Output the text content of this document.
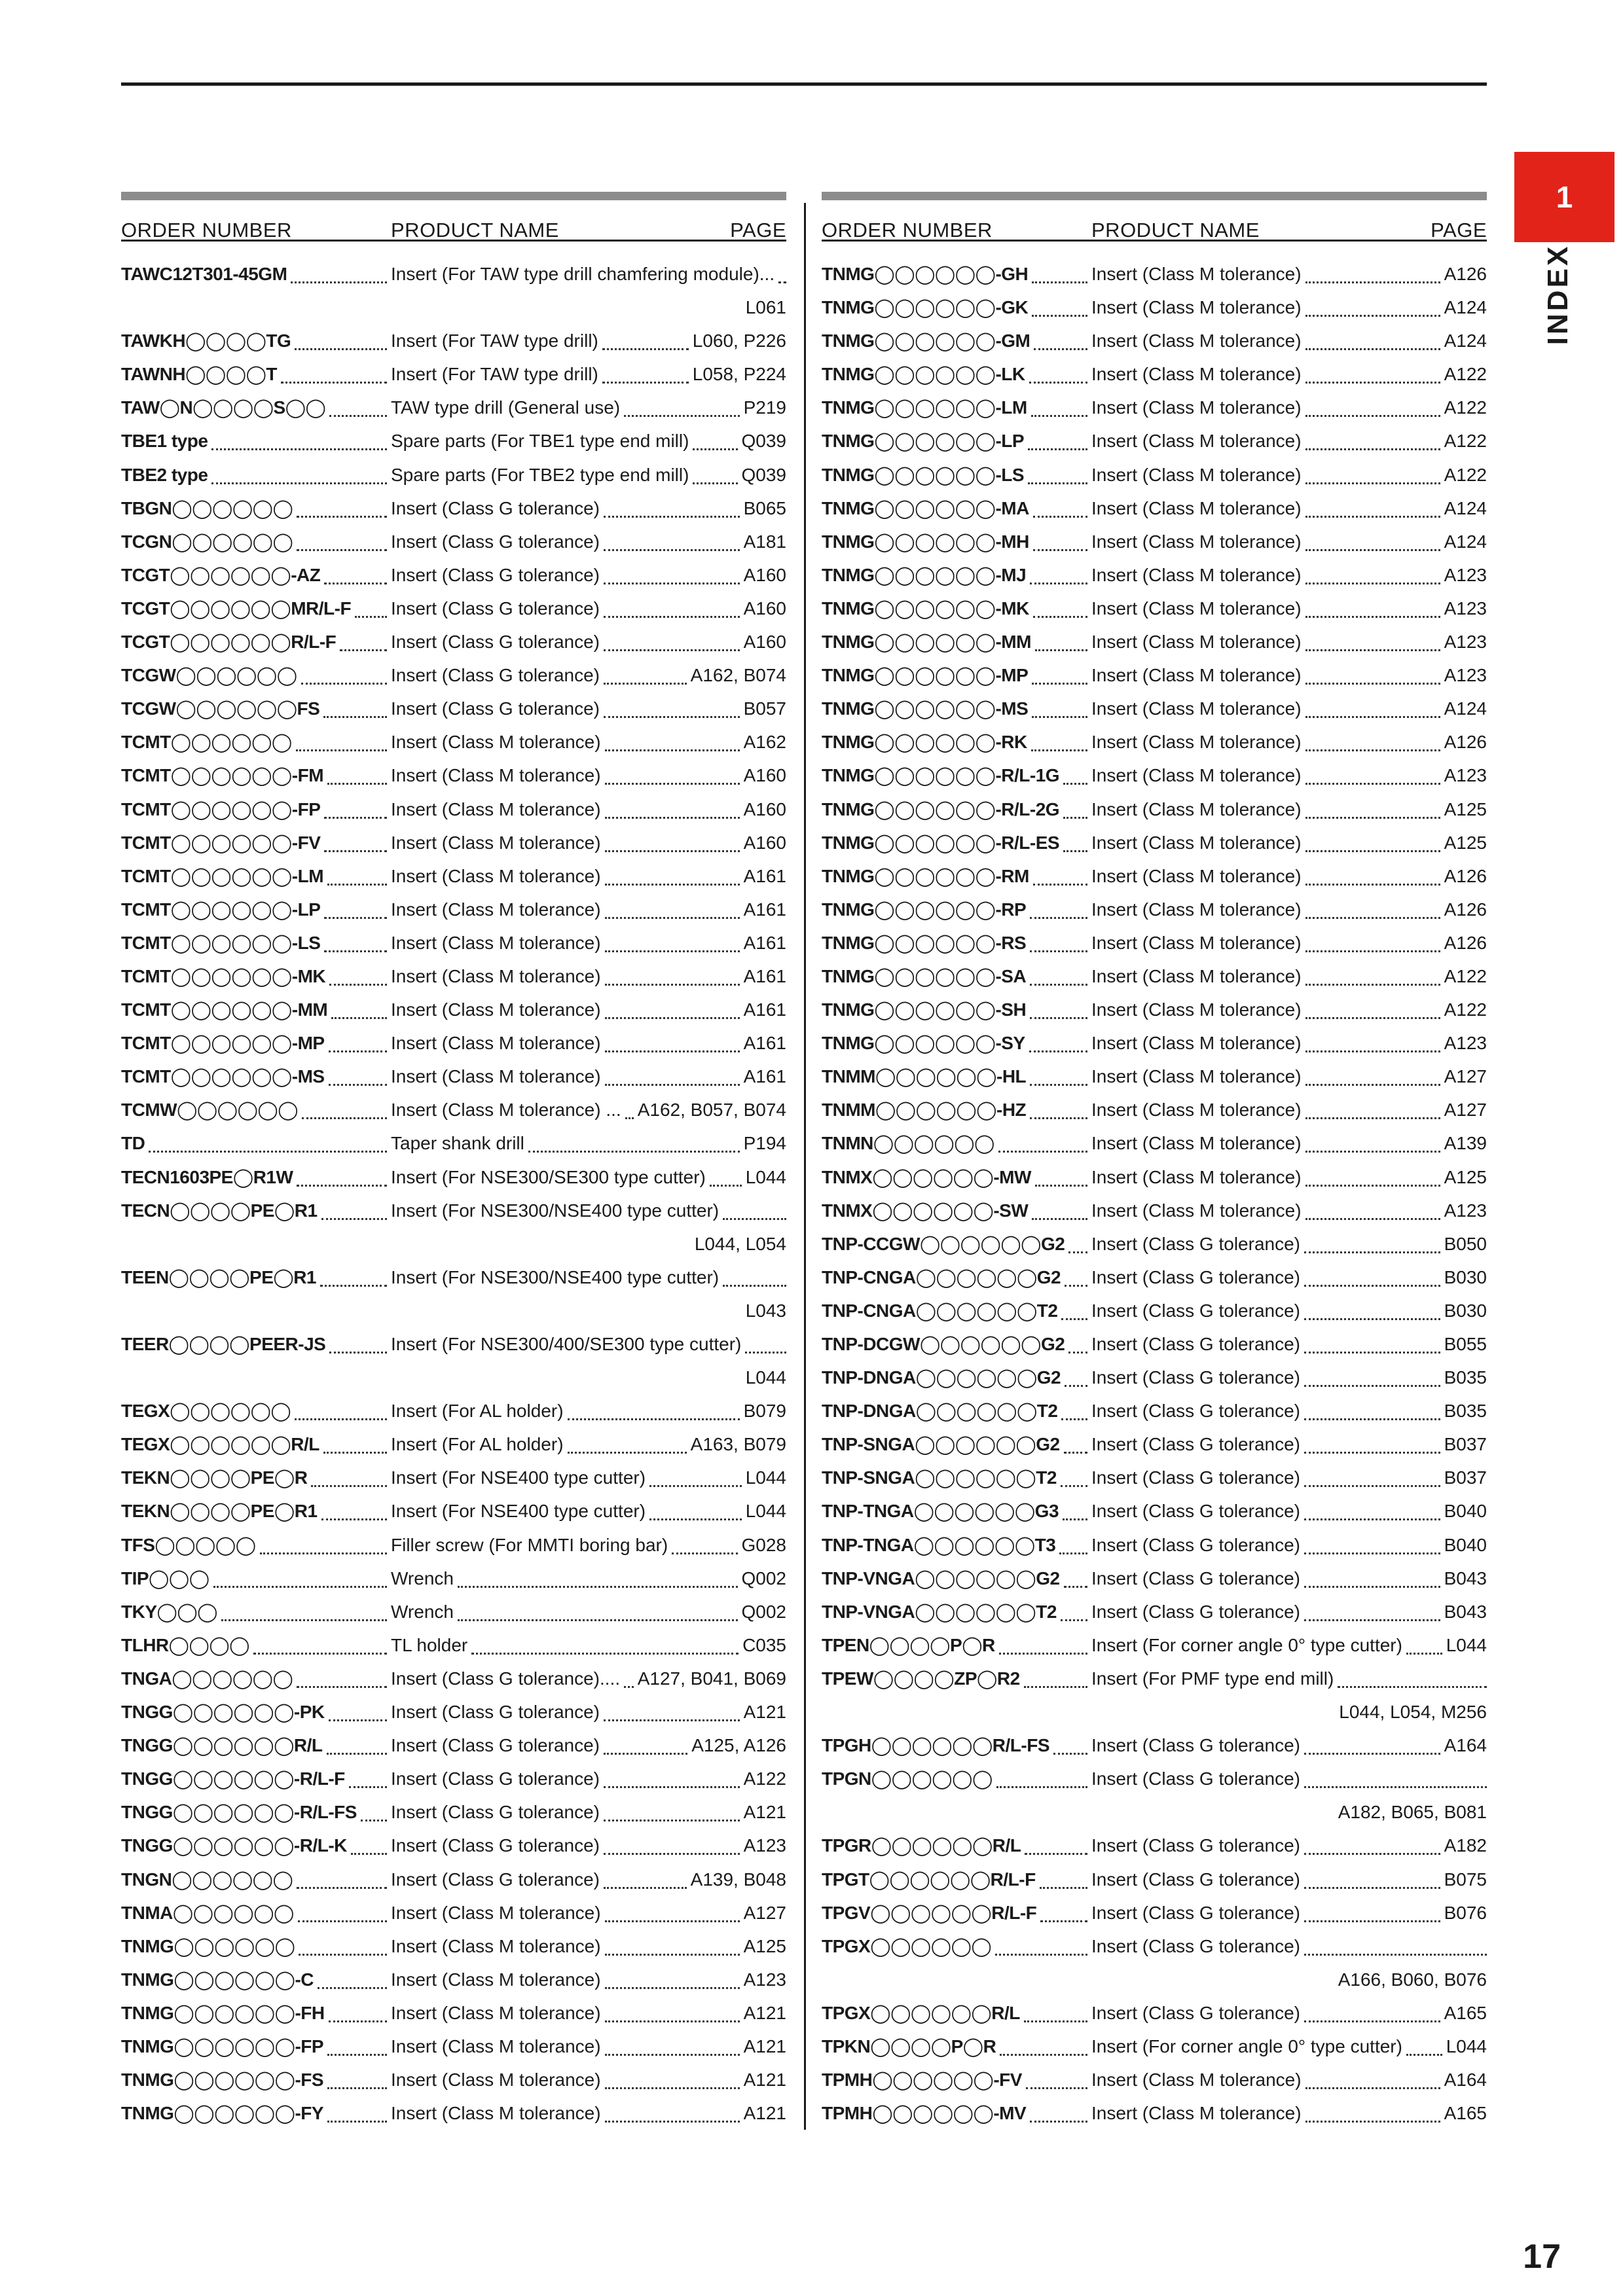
1
INDEX
ORDER NUMBER	PRODUCT NAME	PAGE
TAWC12T301-45GM	Insert (For TAW type drill chamfering module)...
L061
TAWKH◯◯◯◯TG	Insert (For TAW type drill)	L060, P226
TAWNH◯◯◯◯T	Insert (For TAW type drill)	L058, P224
TAW◯N◯◯◯◯S◯◯	TAW type drill (General use)	P219
TBE1 type	Spare parts (For TBE1 type end mill)	Q039
TBE2 type	Spare parts (For TBE2 type end mill)	Q039
TBGN◯◯◯◯◯◯	Insert (Class G tolerance)	B065
TCGN◯◯◯◯◯◯	Insert (Class G tolerance)	A181
TCGT◯◯◯◯◯◯-AZ	Insert (Class G tolerance)	A160
TCGT◯◯◯◯◯◯MR/L-F Insert (Class G tolerance)	A160
TCGT◯◯◯◯◯◯R/L-F	Insert (Class G tolerance)	A160
TCGW◯◯◯◯◯◯	Insert (Class G tolerance)	A162, B074
TCGW◯◯◯◯◯◯FS	Insert (Class G tolerance)	B057
TCMT◯◯◯◯◯◯	Insert (Class M tolerance)	A162
TCMT◯◯◯◯◯◯-FM	Insert (Class M tolerance)	A160
TCMT◯◯◯◯◯◯-FP	Insert (Class M tolerance)	A160
TCMT◯◯◯◯◯◯-FV	Insert (Class M tolerance)	A160
TCMT◯◯◯◯◯◯-LM	Insert (Class M tolerance)	A161
TCMT◯◯◯◯◯◯-LP	Insert (Class M tolerance)	A161
TCMT◯◯◯◯◯◯-LS	Insert (Class M tolerance)	A161
TCMT◯◯◯◯◯◯-MK	Insert (Class M tolerance)	A161
TCMT◯◯◯◯◯◯-MM	Insert (Class M tolerance)	A161
TCMT◯◯◯◯◯◯-MP	Insert (Class M tolerance)	A161
TCMT◯◯◯◯◯◯-MS	Insert (Class M tolerance)	A161
TCMW◯◯◯◯◯◯	Insert (Class M tolerance) ... A162, B057, B074
TD	Taper shank drill	P194
TECN1603PE◯R1W	Insert (For NSE300/SE300 type cutter) L044
TECN◯◯◯◯PE◯R1	Insert (For NSE300/NSE400 type cutter)
L044, L054
TEEN◯◯◯◯PE◯R1	Insert (For NSE300/NSE400 type cutter)
L043
TEER◯◯◯◯PEER-JS	Insert (For NSE300/400/SE300 type cutter)
L044
TEGX◯◯◯◯◯◯	Insert (For AL holder)	B079
TEGX◯◯◯◯◯◯R/L	Insert (For AL holder)	A163, B079
TEKN◯◯◯◯PE◯R	Insert (For NSE400 type cutter)	L044
TEKN◯◯◯◯PE◯R1	Insert (For NSE400 type cutter)	L044
TFS◯◯◯◯◯	Filler screw (For MMTI boring bar)	G028
TIP◯◯◯	Wrench	Q002
TKY◯◯◯	Wrench	Q002
TLHR◯◯◯◯	TL holder	C035
TNGA◯◯◯◯◯◯	Insert (Class G tolerance).... A127, B041, B069
TNGG◯◯◯◯◯◯-PK	Insert (Class G tolerance)	A121
TNGG◯◯◯◯◯◯R/L	Insert (Class G tolerance)	A125, A126
TNGG◯◯◯◯◯◯-R/L-F	Insert (Class G tolerance)	A122
TNGG◯◯◯◯◯◯-R/L-FS Insert (Class G tolerance)	A121
TNGG◯◯◯◯◯◯-R/L-K Insert (Class G tolerance)	A123
TNGN◯◯◯◯◯◯	Insert (Class G tolerance)	A139, B048
TNMA◯◯◯◯◯◯	Insert (Class M tolerance)	A127
TNMG◯◯◯◯◯◯	Insert (Class M tolerance)	A125
TNMG◯◯◯◯◯◯-C	Insert (Class M tolerance)	A123
TNMG◯◯◯◯◯◯-FH	Insert (Class M tolerance)	A121
TNMG◯◯◯◯◯◯-FP	Insert (Class M tolerance)	A121
TNMG◯◯◯◯◯◯-FS	Insert (Class M tolerance)	A121
TNMG◯◯◯◯◯◯-FY	Insert (Class M tolerance)	A121
ORDER NUMBER	PRODUCT NAME	PAGE
TNMG◯◯◯◯◯◯-GH	Insert (Class M tolerance)	A126
TNMG◯◯◯◯◯◯-GK	Insert (Class M tolerance)	A124
TNMG◯◯◯◯◯◯-GM	Insert (Class M tolerance)	A124
TNMG◯◯◯◯◯◯-LK	Insert (Class M tolerance)	A122
TNMG◯◯◯◯◯◯-LM	Insert (Class M tolerance)	A122
TNMG◯◯◯◯◯◯-LP	Insert (Class M tolerance)	A122
TNMG◯◯◯◯◯◯-LS	Insert (Class M tolerance)	A122
TNMG◯◯◯◯◯◯-MA	Insert (Class M tolerance)	A124
TNMG◯◯◯◯◯◯-MH	Insert (Class M tolerance)	A124
TNMG◯◯◯◯◯◯-MJ	Insert (Class M tolerance)	A123
TNMG◯◯◯◯◯◯-MK	Insert (Class M tolerance)	A123
TNMG◯◯◯◯◯◯-MM	Insert (Class M tolerance)	A123
TNMG◯◯◯◯◯◯-MP	Insert (Class M tolerance)	A123
TNMG◯◯◯◯◯◯-MS	Insert (Class M tolerance)	A124
TNMG◯◯◯◯◯◯-RK	Insert (Class M tolerance)	A126
TNMG◯◯◯◯◯◯-R/L-1G Insert (Class M tolerance)	A123
TNMG◯◯◯◯◯◯-R/L-2G Insert (Class M tolerance)	A125
TNMG◯◯◯◯◯◯-R/L-ES Insert (Class M tolerance)	A125
TNMG◯◯◯◯◯◯-RM	Insert (Class M tolerance)	A126
TNMG◯◯◯◯◯◯-RP	Insert (Class M tolerance)	A126
TNMG◯◯◯◯◯◯-RS	Insert (Class M tolerance)	A126
TNMG◯◯◯◯◯◯-SA	Insert (Class M tolerance)	A122
TNMG◯◯◯◯◯◯-SH	Insert (Class M tolerance)	A122
TNMG◯◯◯◯◯◯-SY	Insert (Class M tolerance)	A123
TNMM◯◯◯◯◯◯-HL	Insert (Class M tolerance)	A127
TNMM◯◯◯◯◯◯-HZ	Insert (Class M tolerance)	A127
TNMN◯◯◯◯◯◯	Insert (Class M tolerance)	A139
TNMX◯◯◯◯◯◯-MW	Insert (Class M tolerance)	A125
TNMX◯◯◯◯◯◯-SW	Insert (Class M tolerance)	A123
TNP-CCGW◯◯◯◯◯◯G2 Insert (Class G tolerance)	B050
TNP-CNGA◯◯◯◯◯◯G2 Insert (Class G tolerance)	B030
TNP-CNGA◯◯◯◯◯◯T2 Insert (Class G tolerance)	B030
TNP-DCGW◯◯◯◯◯◯G2 Insert (Class G tolerance)	B055
TNP-DNGA◯◯◯◯◯◯G2 Insert (Class G tolerance)	B035
TNP-DNGA◯◯◯◯◯◯T2 Insert (Class G tolerance)	B035
TNP-SNGA◯◯◯◯◯◯G2 Insert (Class G tolerance)	B037
TNP-SNGA◯◯◯◯◯◯T2 Insert (Class G tolerance)	B037
TNP-TNGA◯◯◯◯◯◯G3 Insert (Class G tolerance)	B040
TNP-TNGA◯◯◯◯◯◯T3 Insert (Class G tolerance)	B040
TNP-VNGA◯◯◯◯◯◯G2 Insert (Class G tolerance)	B043
TNP-VNGA◯◯◯◯◯◯T2 Insert (Class G tolerance)	B043
TPEN◯◯◯◯P◯R	Insert (For corner angle 0° type cutter) L044
TPEW◯◯◯◯ZP◯R2	Insert (For PMF type end mill)
L044, L054, M256
TPGH◯◯◯◯◯◯R/L-FS Insert (Class G tolerance)	A164
TPGN◯◯◯◯◯◯	Insert (Class G tolerance)
A182, B065, B081
TPGR◯◯◯◯◯◯R/L	Insert (Class G tolerance)	A182
TPGT◯◯◯◯◯◯R/L-F	Insert (Class G tolerance)	B075
TPGV◯◯◯◯◯◯R/L-F	Insert (Class G tolerance)	B076
TPGX◯◯◯◯◯◯	Insert (Class G tolerance)
A166, B060, B076
TPGX◯◯◯◯◯◯R/L	Insert (Class G tolerance)	A165
TPKN◯◯◯◯P◯R	Insert (For corner angle 0° type cutter) L044
TPMH◯◯◯◯◯◯-FV	Insert (Class M tolerance)	A164
TPMH◯◯◯◯◯◯-MV	Insert (Class M tolerance)	A165
17
